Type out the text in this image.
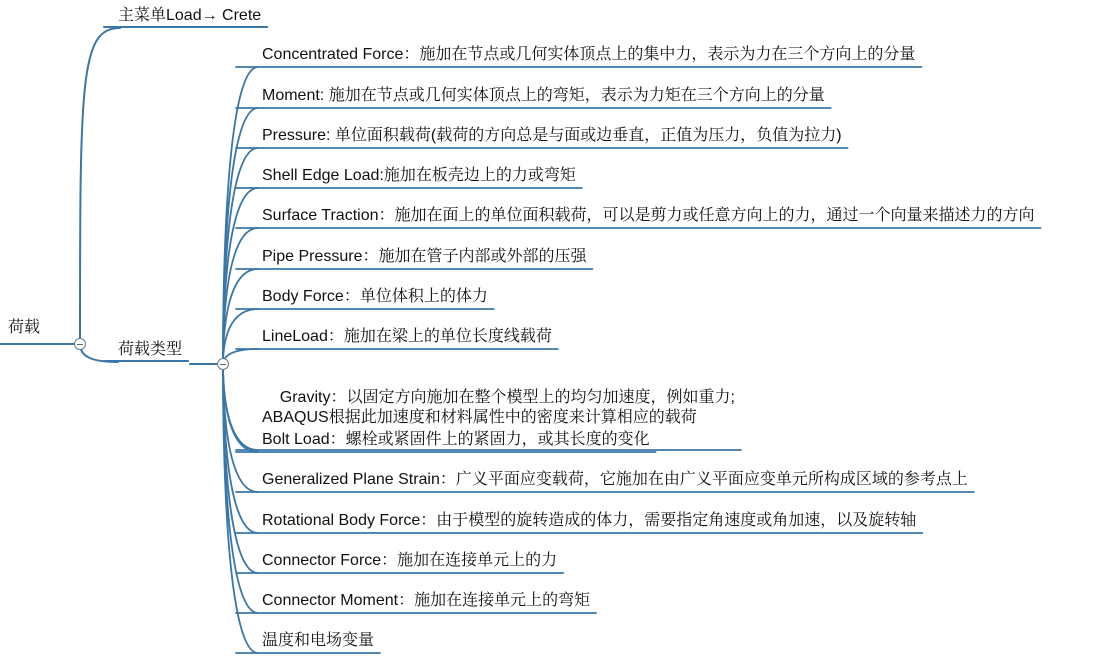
荷载
主菜单Load→ Crete
荷载类型
Concentrated Force：施加在节点或几何实体顶点上的集中力，表示为力在三个方向上的分量
Moment: 施加在节点或几何实体顶点上的弯矩，表示为力矩在三个方向上的分量
Pressure: 单位面积载荷(载荷的方向总是与面或边垂直，正值为压力，负值为拉力)
Shell Edge Load:施加在板壳边上的力或弯矩
Surface Traction：施加在面上的单位面积载荷，可以是剪力或任意方向上的力，通过一个向量来描述力的方向
Pipe Pressure：施加在管子内部或外部的压强
Body Force：单位体积上的体力
LineLoad：施加在梁上的单位长度线载荷

Gravity：以固定方向施加在整个模型上的均匀加速度，例如重力;
ABAQUS根据此加速度和材料属性中的密度来计算相应的载荷

Bolt Load：螺栓或紧固件上的紧固力，或其长度的变化
Generalized Plane Strain：广义平面应变载荷，它施加在由广义平面应变单元所构成区域的参考点上
Rotational Body Force：由于模型的旋转造成的体力，需要指定角速度或角加速，以及旋转轴
Connector Force：施加在连接单元上的力
Connector Moment：施加在连接单元上的弯矩
温度和电场变量
